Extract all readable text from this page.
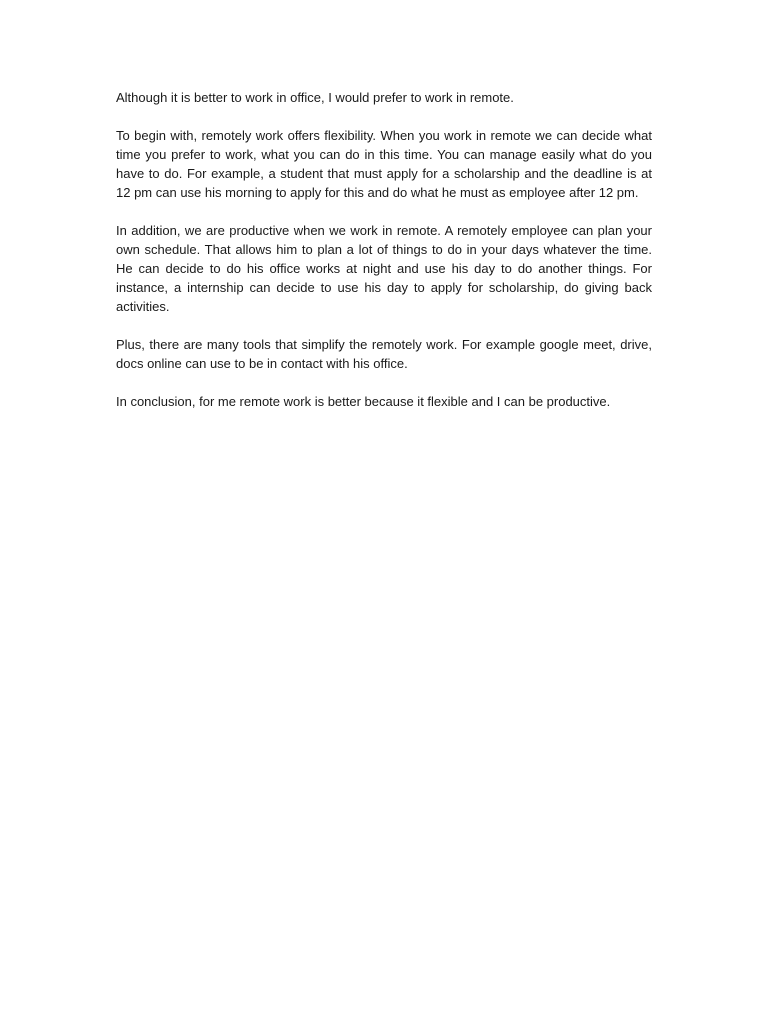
Although it is better to work in office, I would prefer to work in remote.

To begin with, remotely work offers flexibility. When you work in remote we can decide what time you prefer to work, what you can do in this time. You can manage easily what do you have to do. For example, a student that must apply for a scholarship and the deadline is at 12 pm can use his morning to apply for this and do what he must as employee after 12 pm.

In addition, we are productive when we work in remote. A remotely employee can plan your own schedule. That allows him to plan a lot of things to do in your days whatever the time. He can decide to do his office works at night and use his day to do another things. For instance, a internship can decide to use his day to apply for scholarship, do giving back activities.

Plus, there are many tools that simplify the remotely work. For example google meet, drive, docs online can use to be in contact with his office.

In conclusion, for me remote work is better because it flexible and I can be productive.
